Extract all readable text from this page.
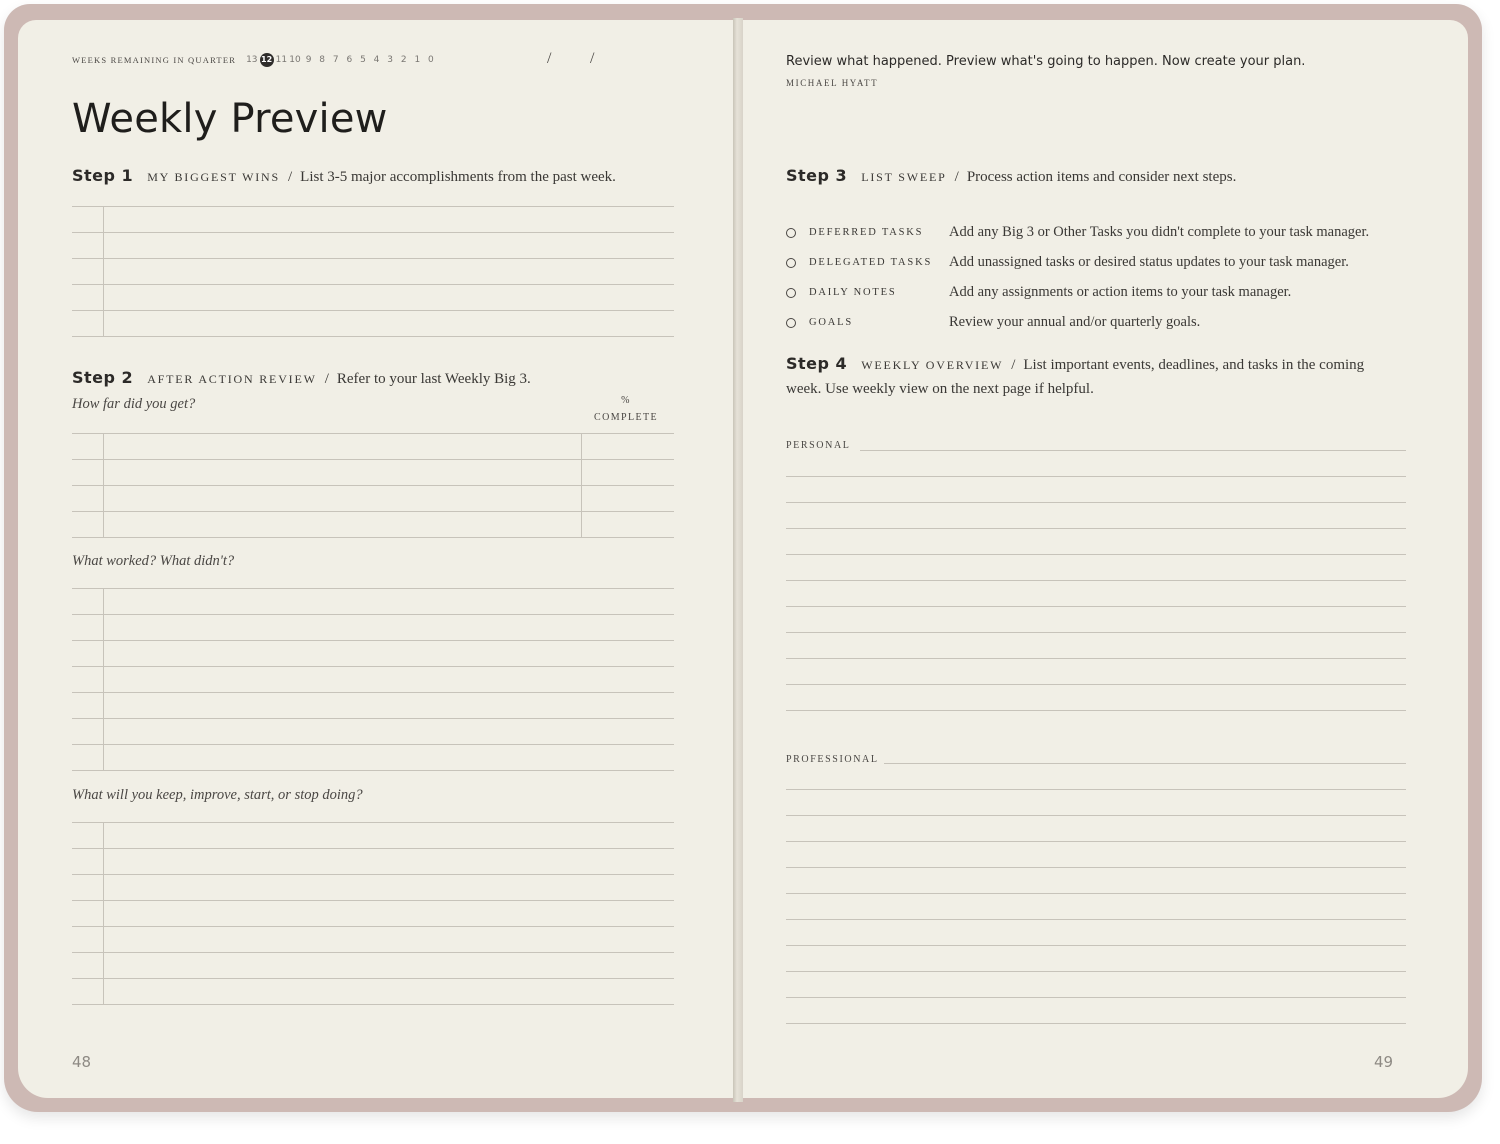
WEEKS REMAINING IN QUARTER 13 12 11 10 9 8 7 6 5 4 3 2 1 0	/ /
Weekly Preview
Step 1 MY BIGGEST WINS / List 3-5 major accomplishments from the past week.
Step 2 AFTER ACTION REVIEW / Refer to your last Weekly Big 3.
How far did you get?	%
COMPLETE
What worked? What didn't?
What will you keep, improve, start, or stop doing?
48
Review what happened. Preview what's going to happen. Now create your plan.
MICHAEL HYATT
Step 3 LIST SWEEP / Process action items and consider next steps.
DEFERRED TASKS	Add any Big 3 or Other Tasks you didn't complete to your task manager.
DELEGATED TASKS	Add unassigned tasks or desired status updates to your task manager.
DAILY NOTES	Add any assignments or action items to your task manager.
GOALS	Review your annual and/or quarterly goals.
Step 4 WEEKLY OVERVIEW / List important events, deadlines, and tasks in the coming week. Use weekly view on the next page if helpful.
PERSONAL
PROFESSIONAL
49
